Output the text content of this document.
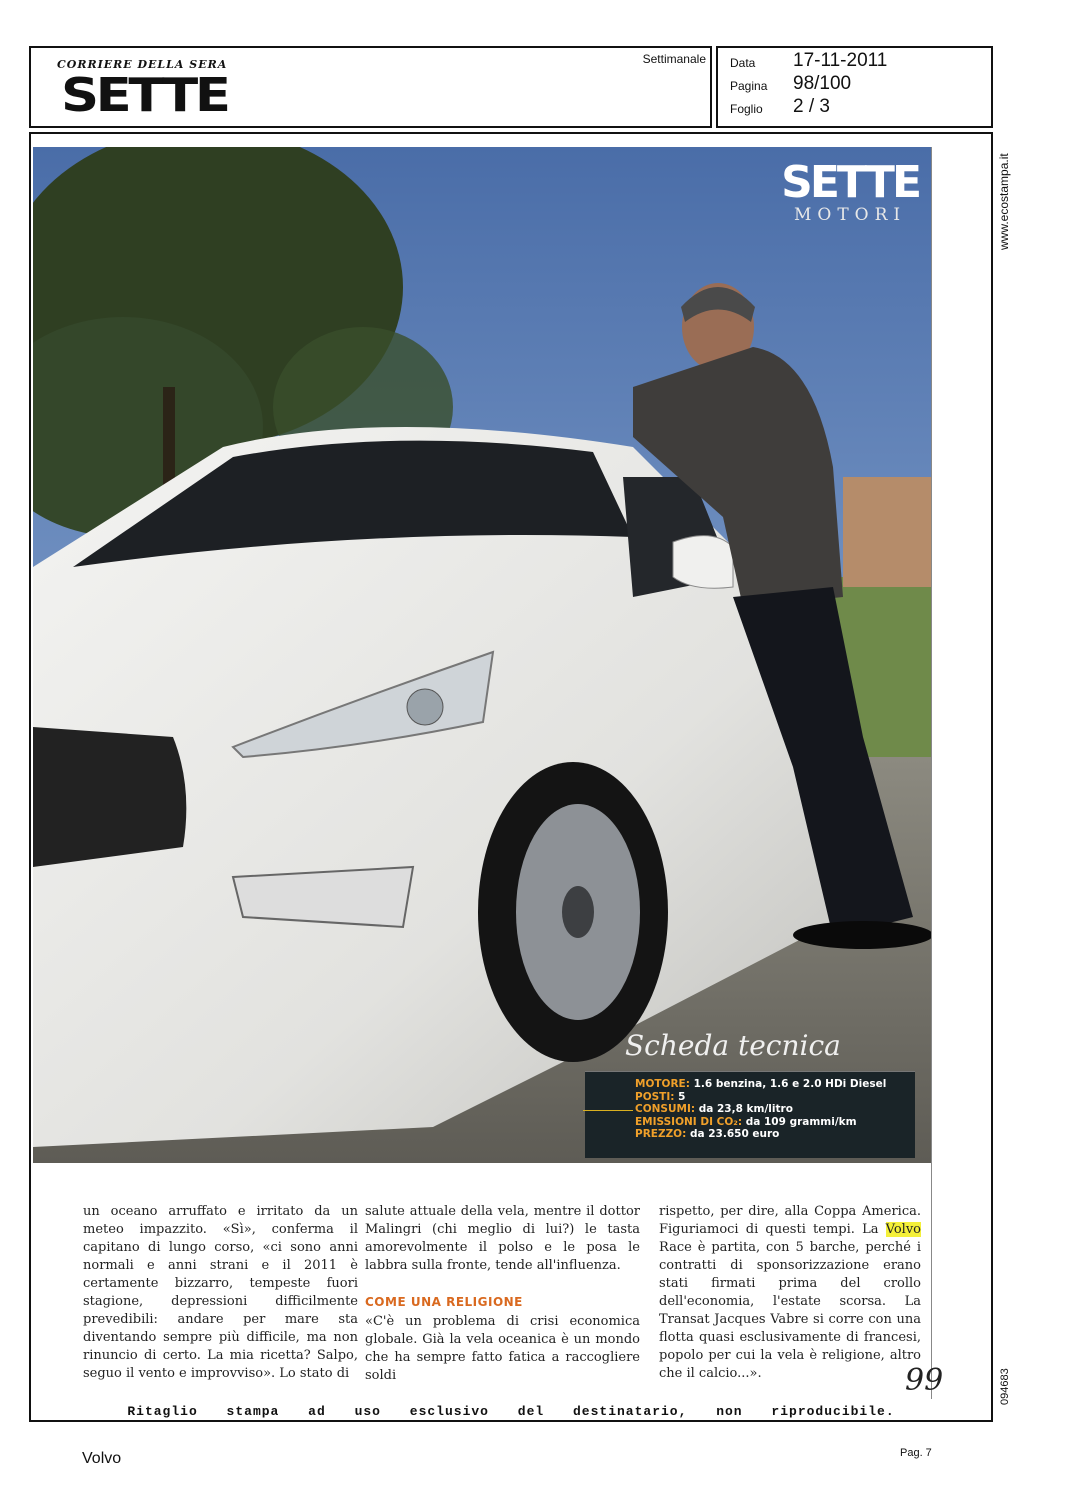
CORRIERE DELLA SERA
SETTE
Settimanale Data 17-11-2011
Pagina 98/100
Foglio 2 / 3
www.ecostampa.it
094683
SETTE
MOTORI
Scheda tecnica
MOTORE: 1.6 benzina, 1.6 e 2.0 HDi Diesel
POSTI: 5
CONSUMI: da 23,8 km/litro
EMISSIONI DI CO₂: da 109 grammi/km
PREZZO: da 23.650 euro
un oceano arruffato e irritato da un meteo impazzito. «Sì», conferma il capitano di lungo corso, «ci sono anni normali e anni strani e il 2011 è certamente bizzarro, tempeste fuori stagione, depressioni difficilmente prevedibili: andare per mare sta diventando sempre più difficile, ma non rinuncio di certo. La mia ricetta? Salpo, seguo il vento e improvviso». Lo stato di
salute attuale della vela, mentre il dottor Malingri (chi meglio di lui?) le tasta amorevolmente il polso e le posa le labbra sulla fronte, tende all'influenza.
COME UNA RELIGIONE
«C'è un problema di crisi economica globale. Già la vela oceanica è un mondo che ha sempre fatto fatica a raccogliere soldi
rispetto, per dire, alla Coppa America. Figuriamoci di questi tempi. La Volvo Race è partita, con 5 barche, perché i contratti di sponsorizzazione erano stati firmati prima del crollo dell'economia, l'estate scorsa. La Transat Jacques Vabre si corre con una flotta quasi esclusivamente di francesi, popolo per cui la vela è religione, altro che il calcio...».	99
Ritaglio stampa ad uso esclusivo del destinatario, non riproducibile.
Volvo	Pag. 7
